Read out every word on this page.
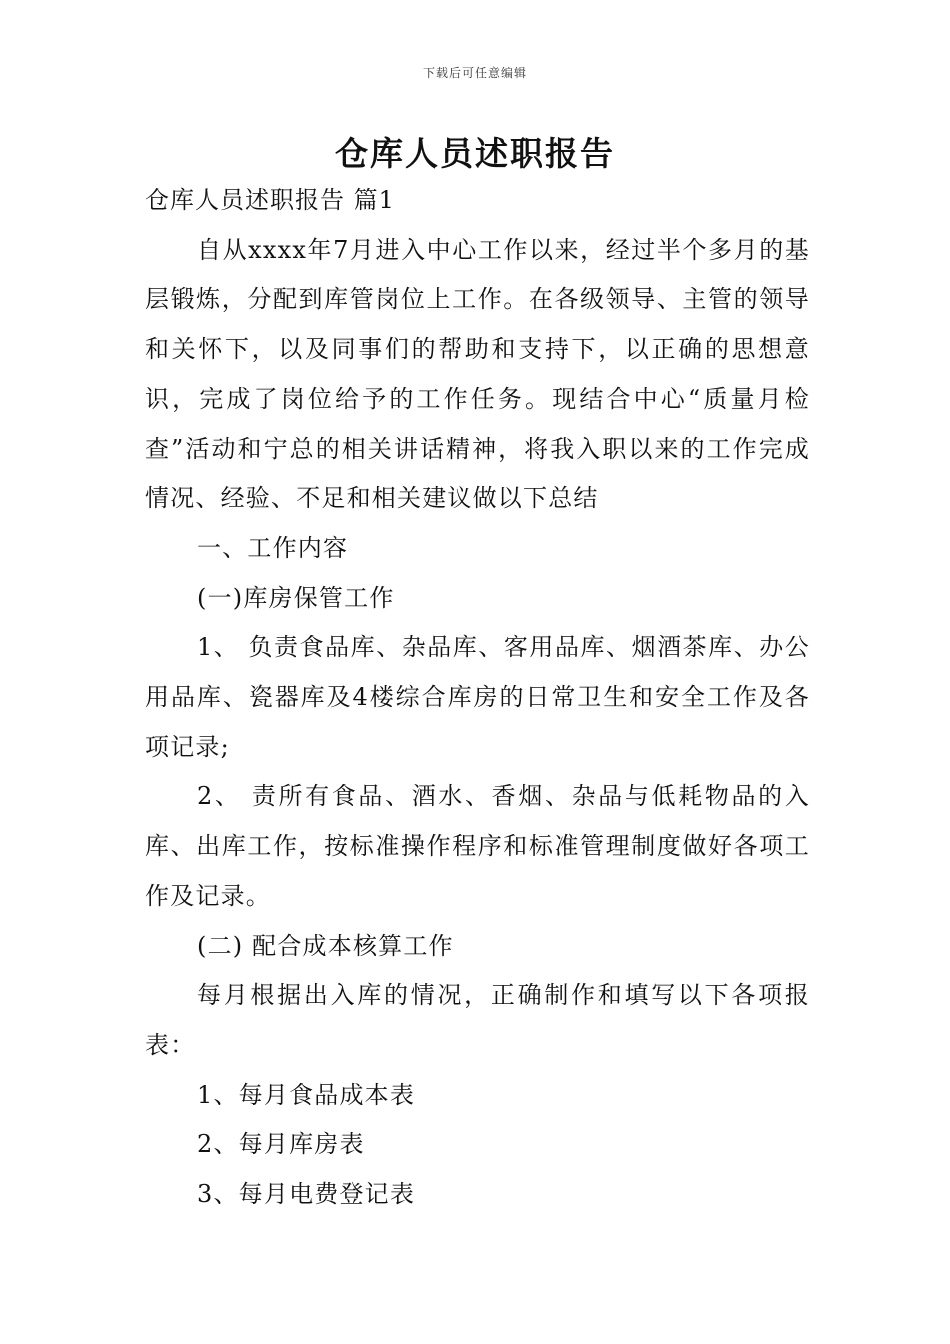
下载后可任意编辑
仓库人员述职报告

仓库人员述职报告 篇1

自从xxxx年7月进入中心工作以来，经过半个多月的基层锻炼，分配到库管岗位上工作。在各级领导、主管的领导和关怀下，以及同事们的帮助和支持下，以正确的思想意识，完成了岗位给予的工作任务。现结合中心“质量月检查”活动和宁总的相关讲话精神，将我入职以来的工作完成情况、经验、不足和相关建议做以下总结

一、工作内容

(一)库房保管工作

1、 负责食品库、杂品库、客用品库、烟酒茶库、办公用品库、瓷器库及4楼综合库房的日常卫生和安全工作及各项记录;

2、 责所有食品、酒水、香烟、杂品与低耗物品的入库、出库工作，按标准操作程序和标准管理制度做好各项工作及记录。

(二) 配合成本核算工作

每月根据出入库的情况，正确制作和填写以下各项报表：

1、每月食品成本表

2、每月库房表

3、每月电费登记表
